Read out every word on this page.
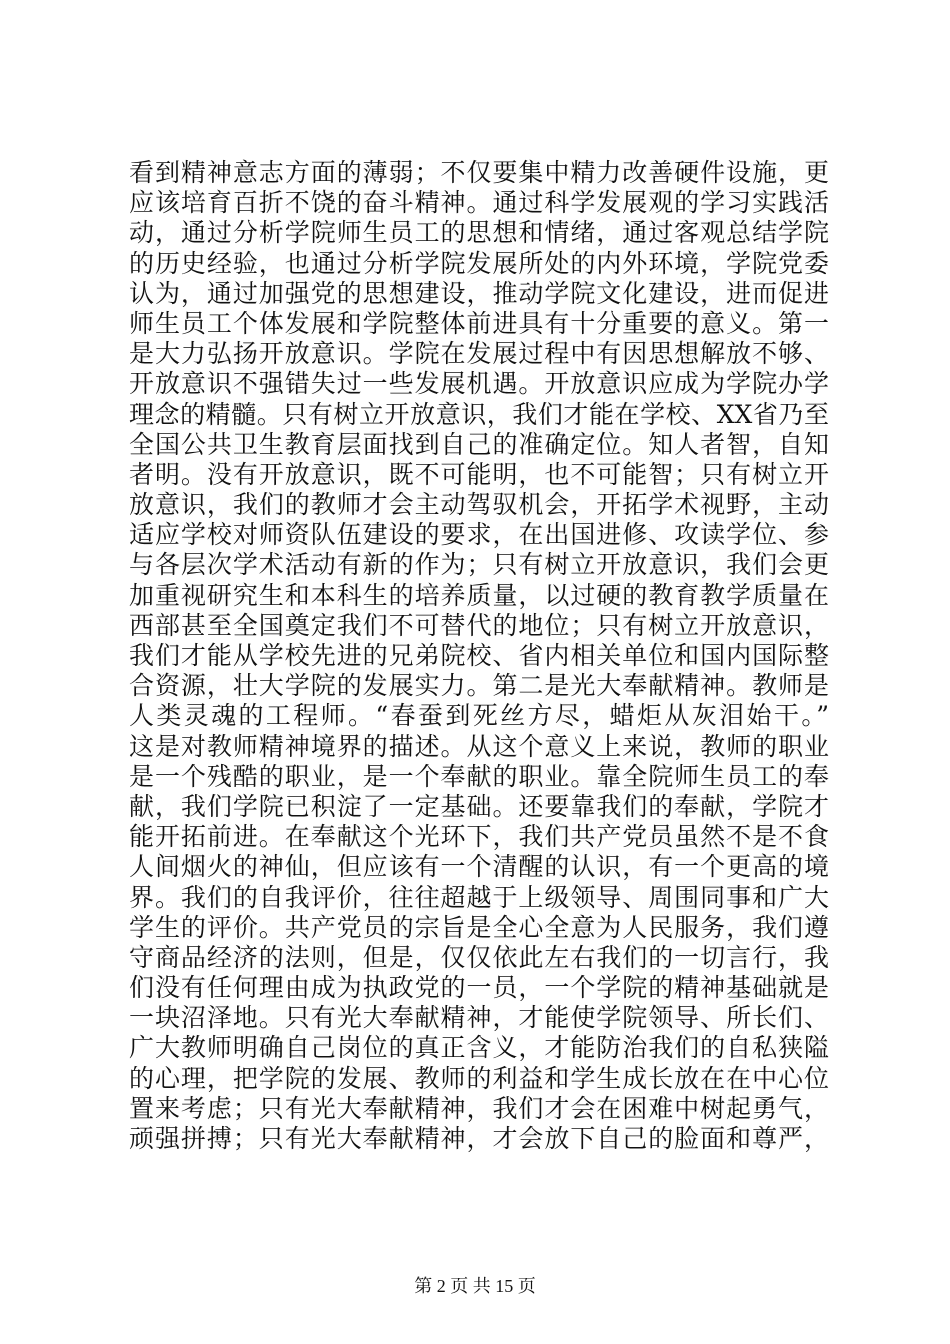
看到精神意志方面的薄弱；不仅要集中精力改善硬件设施，更
应该培育百折不饶的奋斗精神。通过科学发展观的学习实践活
动，通过分析学院师生员工的思想和情绪，通过客观总结学院
的历史经验，也通过分析学院发展所处的内外环境，学院党委
认为，通过加强党的思想建设，推动学院文化建设，进而促进
师生员工个体发展和学院整体前进具有十分重要的意义。第一
是大力弘扬开放意识。学院在发展过程中有因思想解放不够、
开放意识不强错失过一些发展机遇。开放意识应成为学院办学
理念的精髓。只有树立开放意识，我们才能在学校、XX省乃至
全国公共卫生教育层面找到自己的准确定位。知人者智，自知
者明。没有开放意识，既不可能明，也不可能智；只有树立开
放意识，我们的教师才会主动驾驭机会，开拓学术视野，主动
适应学校对师资队伍建设的要求，在出国进修、攻读学位、参
与各层次学术活动有新的作为；只有树立开放意识，我们会更
加重视研究生和本科生的培养质量，以过硬的教育教学质量在
西部甚至全国奠定我们不可替代的地位；只有树立开放意识，
我们才能从学校先进的兄弟院校、省内相关单位和国内国际整
合资源，壮大学院的发展实力。第二是光大奉献精神。教师是
人类灵魂的工程师。“春蚕到死丝方尽，蜡炬从灰泪始干。”
这是对教师精神境界的描述。从这个意义上来说，教师的职业
是一个残酷的职业，是一个奉献的职业。靠全院师生员工的奉
献，我们学院已积淀了一定基础。还要靠我们的奉献，学院才
能开拓前进。在奉献这个光环下，我们共产党员虽然不是不食
人间烟火的神仙，但应该有一个清醒的认识，有一个更高的境
界。我们的自我评价，往往超越于上级领导、周围同事和广大
学生的评价。共产党员的宗旨是全心全意为人民服务，我们遵
守商品经济的法则，但是，仅仅依此左右我们的一切言行，我
们没有任何理由成为执政党的一员，一个学院的精神基础就是
一块沼泽地。只有光大奉献精神，才能使学院领导、所长们、
广大教师明确自己岗位的真正含义，才能防治我们的自私狭隘
的心理，把学院的发展、教师的利益和学生成长放在在中心位
置来考虑；只有光大奉献精神，我们才会在困难中树起勇气，
顽强拼搏；只有光大奉献精神，才会放下自己的脸面和尊严，
第 2 页 共 15 页
